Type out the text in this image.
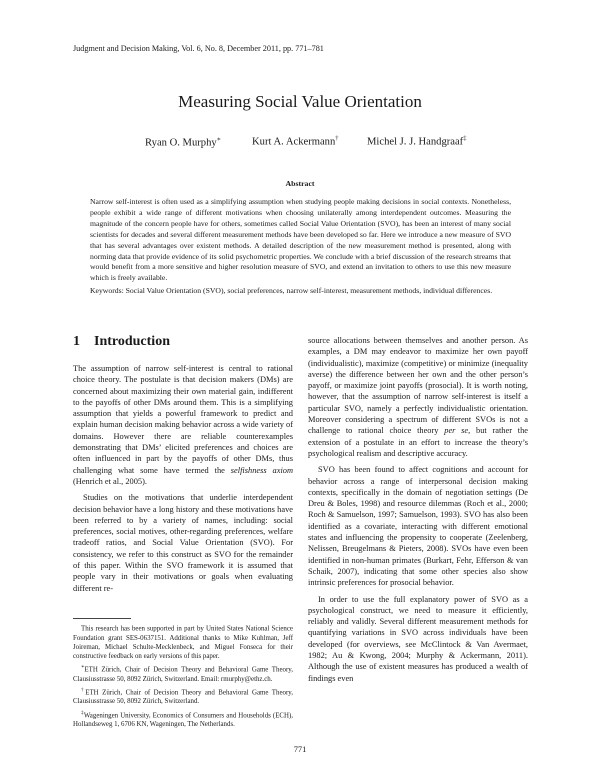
Judgment and Decision Making, Vol. 6, No. 8, December 2011, pp. 771–781
Measuring Social Value Orientation
Ryan O. Murphy∗	Kurt A. Ackermann†	Michel J. J. Handgraaf‡
Abstract

Narrow self-interest is often used as a simplifying assumption when studying people making decisions in social contexts. Nonetheless, people exhibit a wide range of different motivations when choosing unilaterally among interdependent outcomes. Measuring the magnitude of the concern people have for others, sometimes called Social Value Orientation (SVO), has been an interest of many social scientists for decades and several different measurement methods have been developed so far. Here we introduce a new measure of SVO that has several advantages over existent methods. A detailed description of the new measurement method is presented, along with norming data that provide evidence of its solid psychometric properties. We conclude with a brief discussion of the research streams that would benefit from a more sensitive and higher resolution measure of SVO, and extend an invitation to others to use this new measure which is freely available.

Keywords: Social Value Orientation (SVO), social preferences, narrow self-interest, measurement methods, individual differences.

1 Introduction

The assumption of narrow self-interest is central to rational choice theory. The postulate is that decision makers (DMs) are concerned about maximizing their own material gain, indifferent to the payoffs of other DMs around them. This is a simplifying assumption that yields a powerful framework to predict and explain human decision making behavior across a wide variety of domains. However there are reliable counterexamples demonstrating that DMs’ elicited preferences and choices are often influenced in part by the payoffs of other DMs, thus challenging what some have termed the selfishness axiom (Henrich et al., 2005).

Studies on the motivations that underlie interdependent decision behavior have a long history and these motivations have been referred to by a variety of names, including: social preferences, social motives, other-regarding preferences, welfare tradeoff ratios, and Social Value Orientation (SVO). For consistency, we refer to this construct as SVO for the remainder of this paper. Within the SVO framework it is assumed that people vary in their motivations or goals when evaluating different re-

This research has been supported in part by United States National Science Foundation grant SES-0637151. Additional thanks to Mike Kuhlman, Jeff Joireman, Michael Schulte-Mecklenbeck, and Miguel Fonseca for their constructive feedback on early versions of this paper.

∗ETH Zürich, Chair of Decision Theory and Behavioral Game Theory, Clausiusstrasse 50, 8092 Zürich, Switzerland. Email: rmurphy@ethz.ch.

†ETH Zürich, Chair of Decision Theory and Behavioral Game Theory, Clausiusstrasse 50, 8092 Zürich, Switzerland.

‡Wageningen University, Economics of Consumers and Households (ECH), Hollandseweg 1, 6706 KN, Wageningen, The Netherlands.

source allocations between themselves and another person. As examples, a DM may endeavor to maximize her own payoff (individualistic), maximize (competitive) or minimize (inequality averse) the difference between her own and the other person’s payoff, or maximize joint payoffs (prosocial). It is worth noting, however, that the assumption of narrow self-interest is itself a particular SVO, namely a perfectly individualistic orientation. Moreover considering a spectrum of different SVOs is not a challenge to rational choice theory per se, but rather the extension of a postulate in an effort to increase the theory’s psychological realism and descriptive accuracy.

SVO has been found to affect cognitions and account for behavior across a range of interpersonal decision making contexts, specifically in the domain of negotiation settings (De Dreu & Boles, 1998) and resource dilemmas (Roch et al., 2000; Roch & Samuelson, 1997; Samuelson, 1993). SVO has also been identified as a covariate, interacting with different emotional states and influencing the propensity to cooperate (Zeelenberg, Nelissen, Breugelmans & Pieters, 2008). SVOs have even been identified in non-human primates (Burkart, Fehr, Efferson & van Schaik, 2007), indicating that some other species also show intrinsic preferences for prosocial behavior.

In order to use the full explanatory power of SVO as a psychological construct, we need to measure it efficiently, reliably and validly. Several different measurement methods for quantifying variations in SVO across individuals have been developed (for overviews, see McClintock & Van Avermaet, 1982; Au & Kwong, 2004; Murphy & Ackermann, 2011). Although the use of existent measures has produced a wealth of findings even

771
